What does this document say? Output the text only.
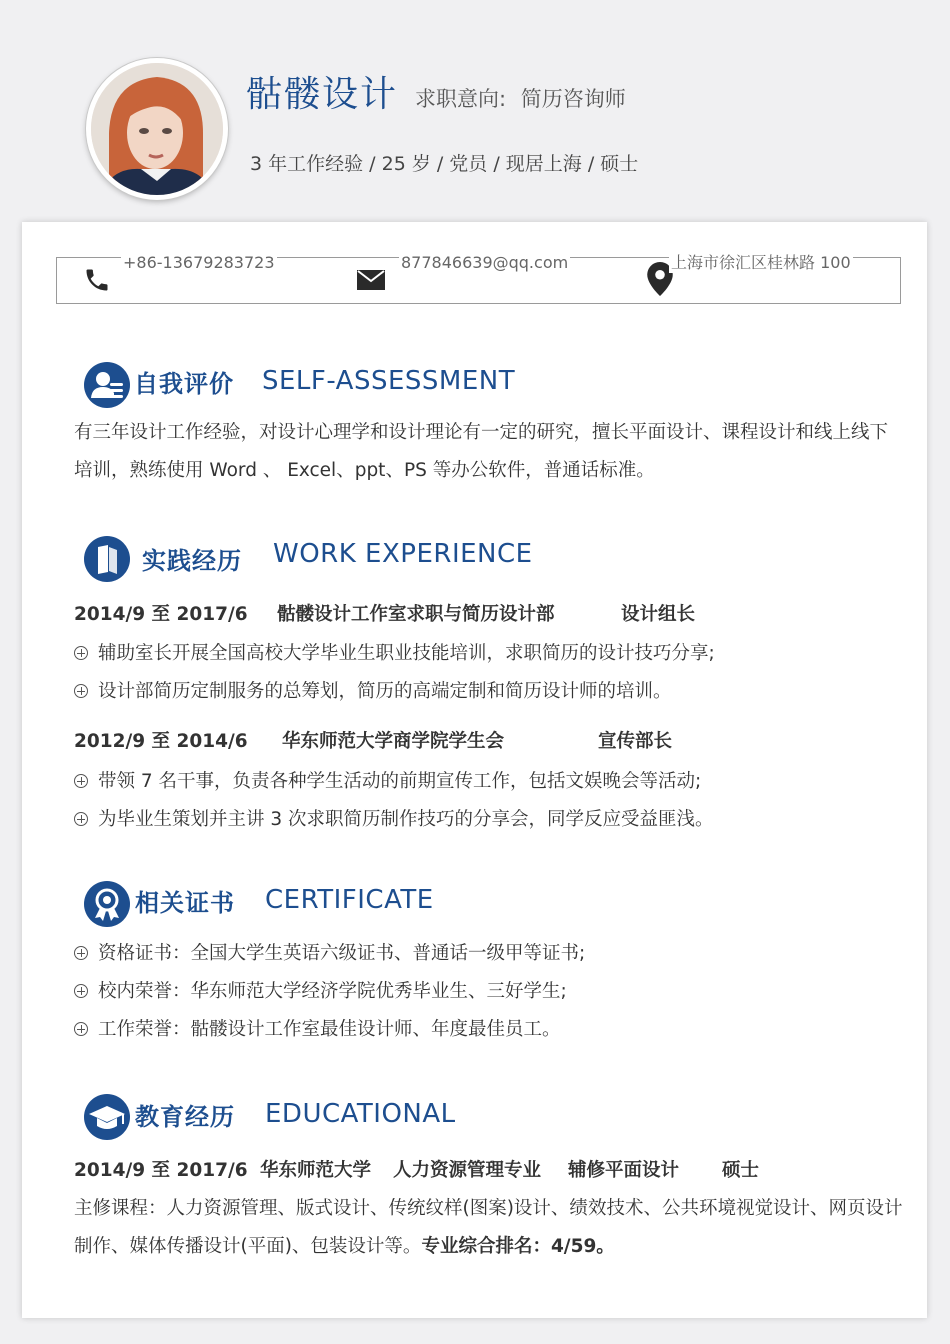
骷髅设计 求职意向: 简历咨询师
3 年工作经验 / 25 岁 / 党员 / 现居上海 / 硕士
+86-13679283723	877846639@qq.com	上海市徐汇区桂林路 100
自我评价 SELF-ASSESSMENT
有三年设计工作经验，对设计心理学和设计理论有一定的研究，擅长平面设计、课程设计和线上线下培训，熟练使用 Word 、 Excel、ppt、PS 等办公软件，普通话标准。
实践经历 WORK EXPERIENCE
2014/9 至 2017/6 骷髅设计工作室求职与简历设计部	设计组长
辅助室长开展全国高校大学毕业生职业技能培训，求职简历的设计技巧分享;
设计部简历定制服务的总筹划，简历的高端定制和简历设计师的培训。
2012/9 至 2014/6 华东师范大学商学院学生会	宣传部长
带领 7 名干事，负责各种学生活动的前期宣传工作，包括文娱晚会等活动;
为毕业生策划并主讲 3 次求职简历制作技巧的分享会，同学反应受益匪浅。
相关证书 CERTIFICATE
资格证书：全国大学生英语六级证书、普通话一级甲等证书;
校内荣誉：华东师范大学经济学院优秀毕业生、三好学生;
工作荣誉：骷髅设计工作室最佳设计师、年度最佳员工。
教育经历 EDUCATIONAL
2014/9 至 2017/6 华东师范大学 人力资源管理专业 辅修平面设计 硕士
主修课程：人力资源管理、版式设计、传统纹样(图案)设计、绩效技术、公共环境视觉设计、网页设计制作、媒体传播设计(平面)、包装设计等。专业综合排名：4/59。
